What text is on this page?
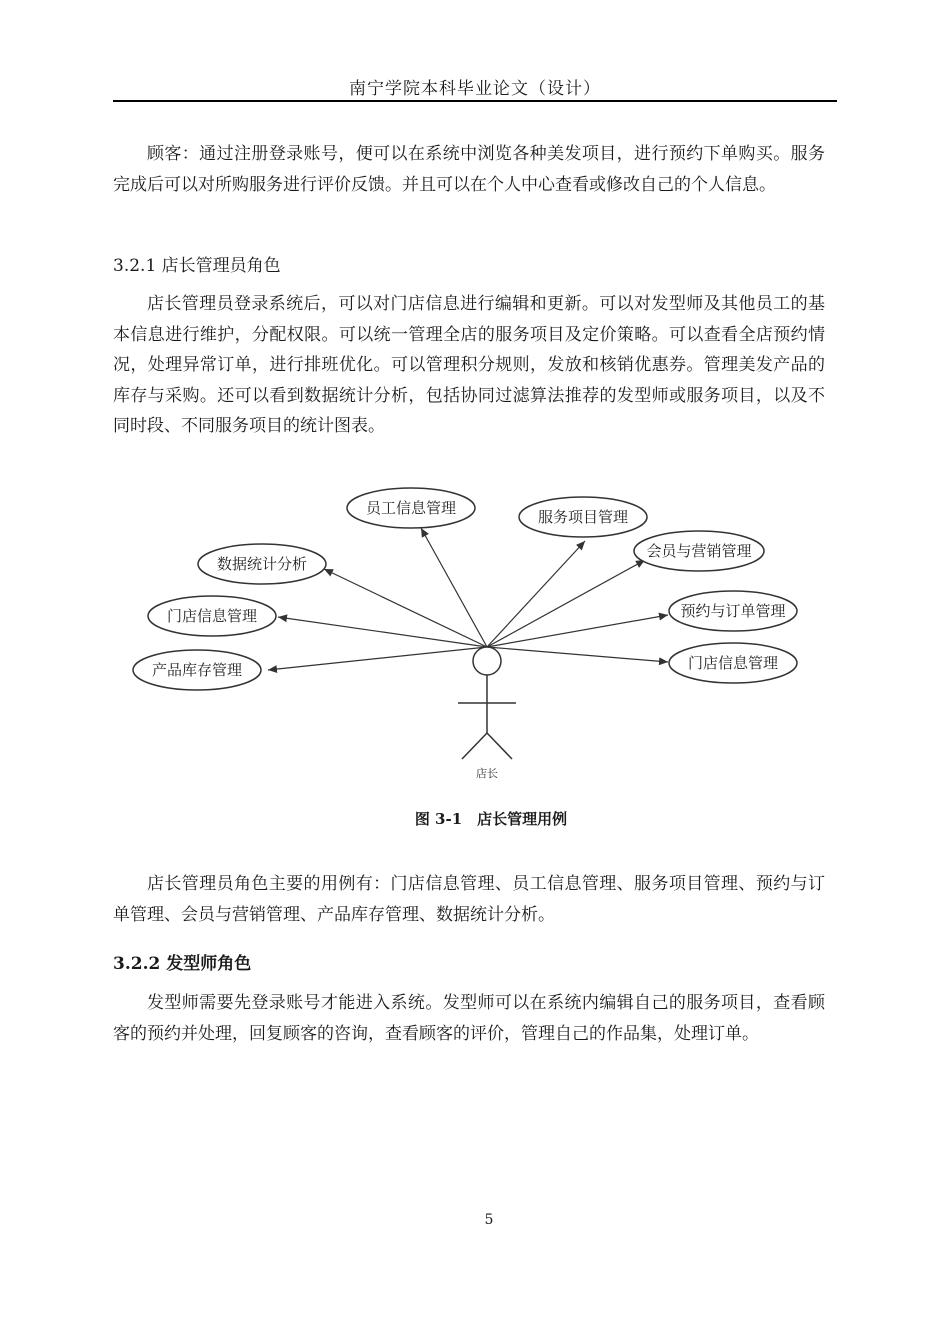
南宁学院本科毕业论文（设计）

顾客：通过注册登录账号，便可以在系统中浏览各种美发项目，进行预约下单购买。服务完成后可以对所购服务进行评价反馈。并且可以在个人中心查看或修改自己的个人信息。

3.2.1 店长管理员角色

店长管理员登录系统后，可以对门店信息进行编辑和更新。可以对发型师及其他员工的基本信息进行维护，分配权限。可以统一管理全店的服务项目及定价策略。可以查看全店预约情况，处理异常订单，进行排班优化。可以管理积分规则，发放和核销优惠券。管理美发产品的库存与采购。还可以看到数据统计分析，包括协同过滤算法推荐的发型师或服务项目，以及不同时段、不同服务项目的统计图表。

员工信息管理	服务项目管理
数据统计分析
会员与营销管理
门店信息管理	预约与订单管理
产品库存管理	门店信息管理
店长
图 3-1　店长管理用例

店长管理员角色主要的用例有：门店信息管理、员工信息管理、服务项目管理、预约与订单管理、会员与营销管理、产品库存管理、数据统计分析。

3.2.2 发型师角色

发型师需要先登录账号才能进入系统。发型师可以在系统内编辑自己的服务项目，查看顾客的预约并处理，回复顾客的咨询，查看顾客的评价，管理自己的作品集，处理订单。

5
